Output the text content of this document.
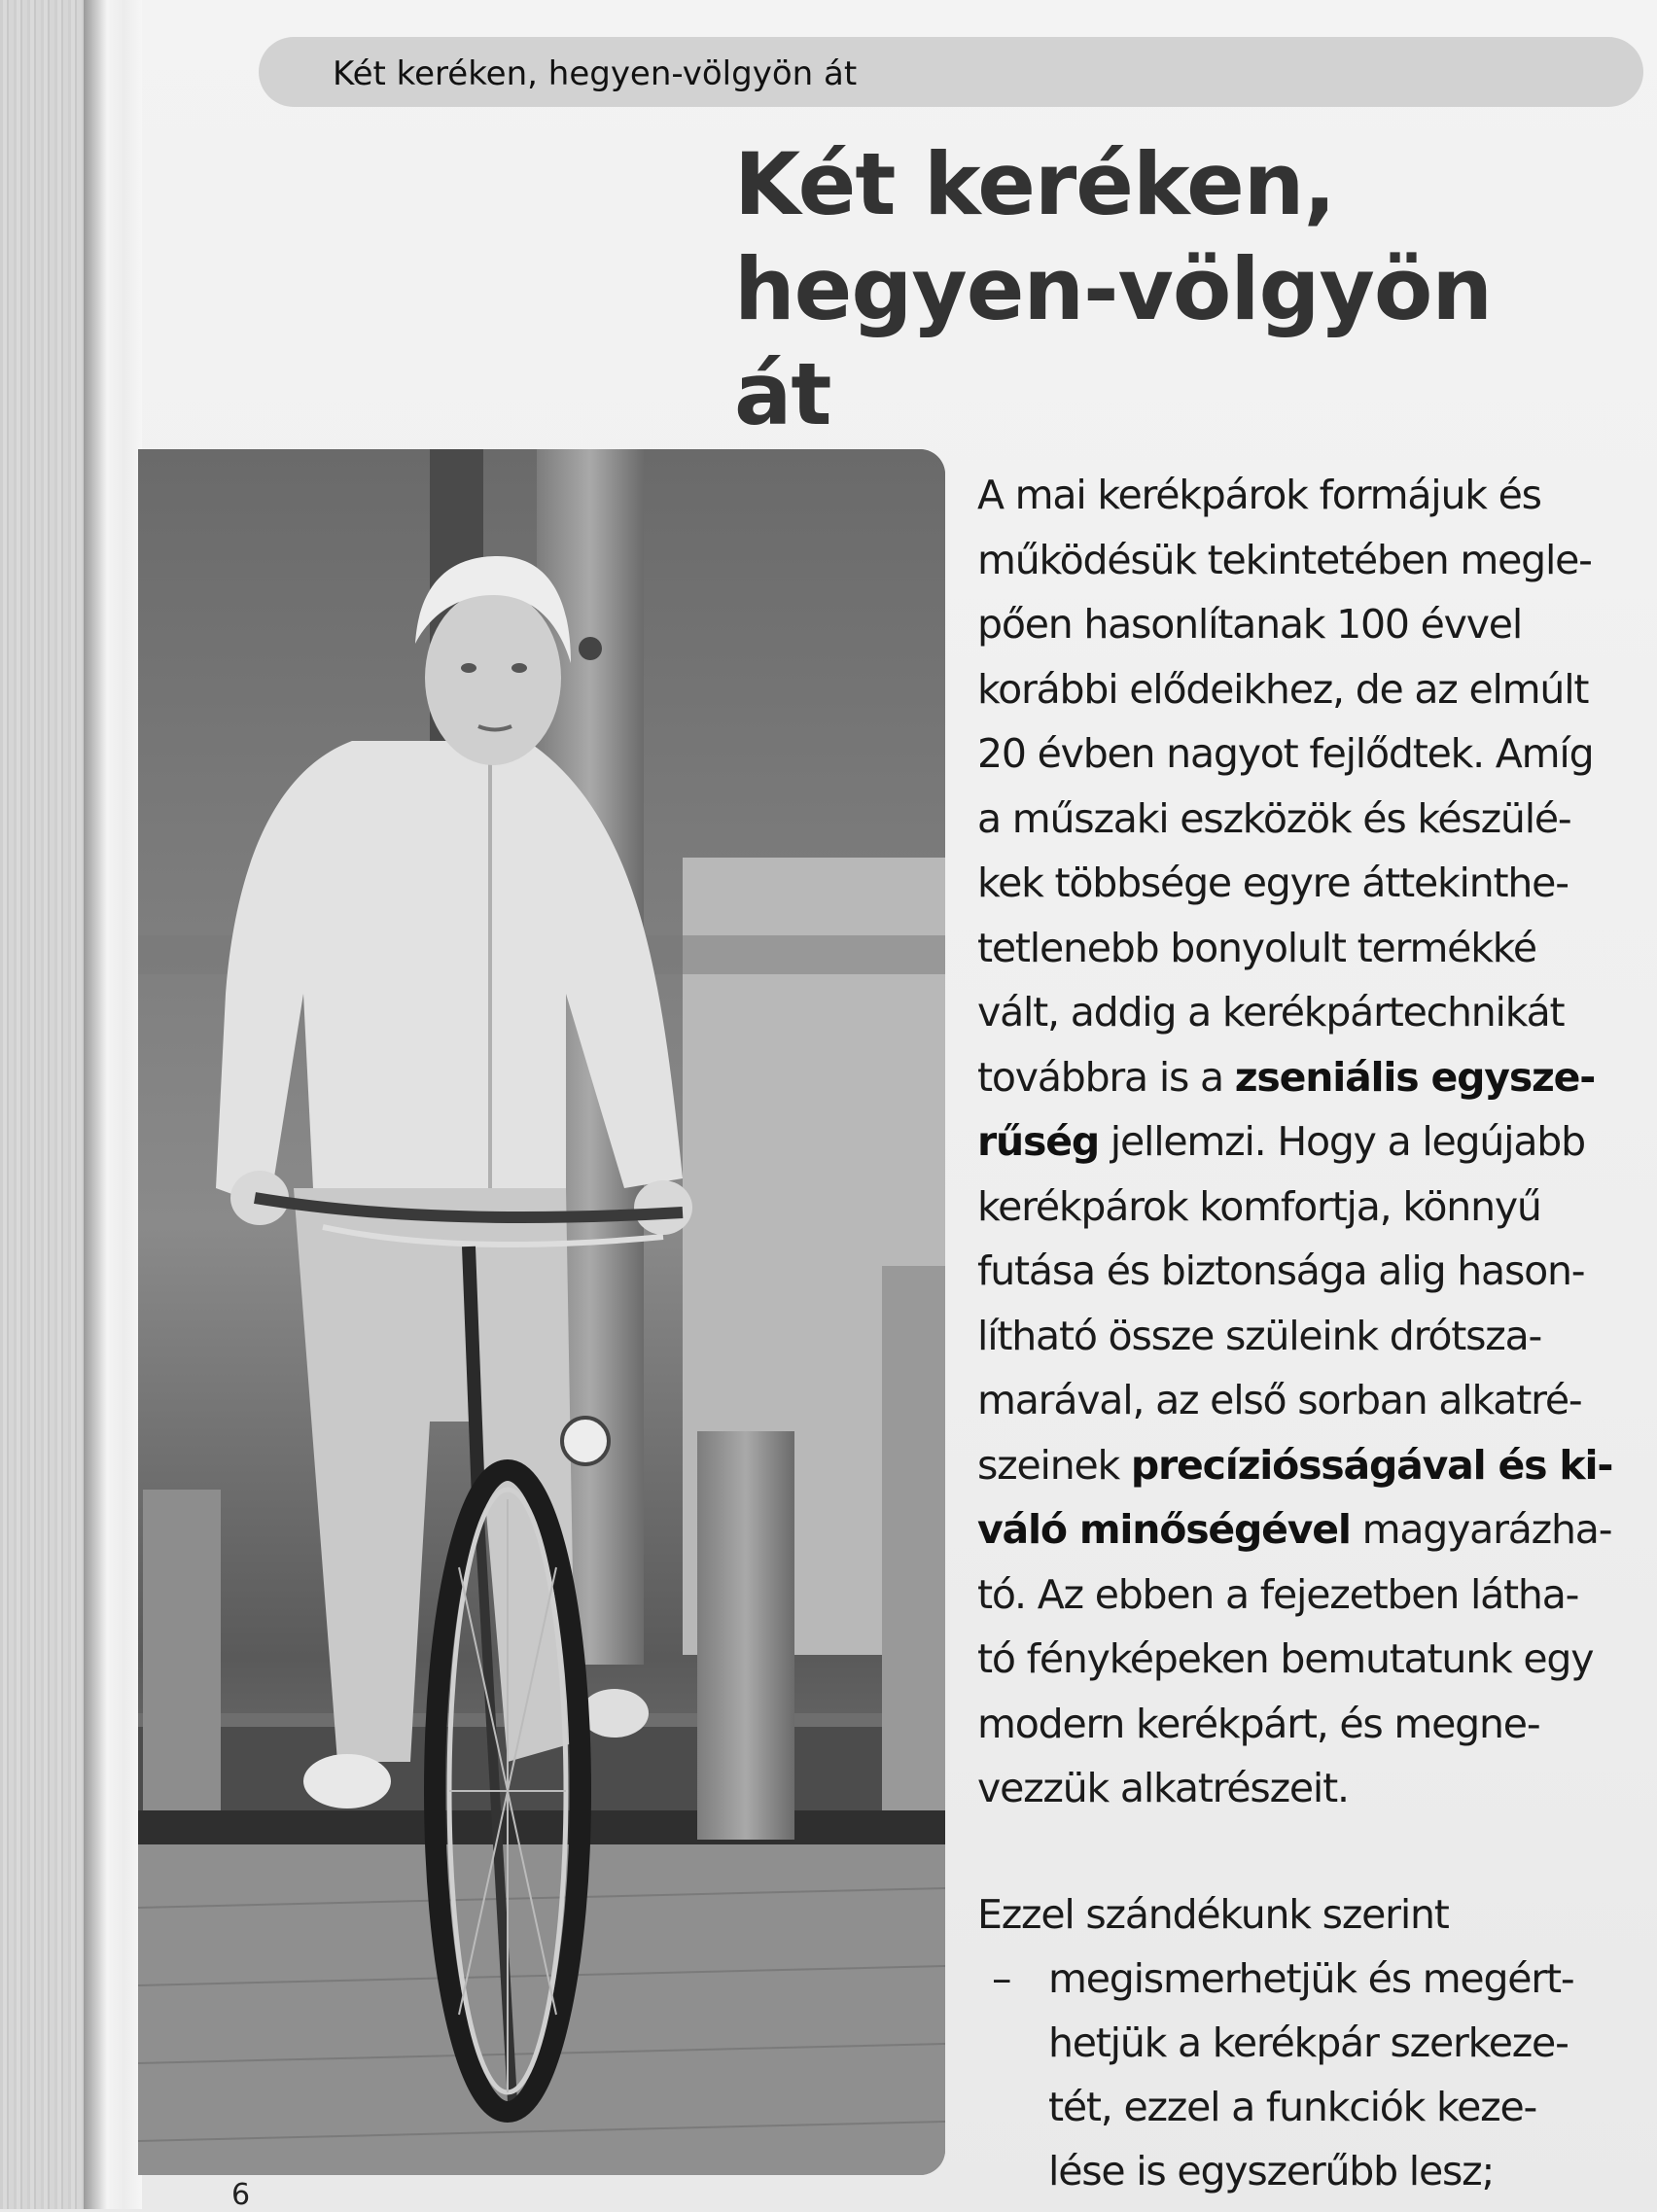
Két keréken, hegyen-völgyön át
Két keréken,
hegyen-völgyön át
A mai kerékpárok formájuk és
működésük tekintetében megle-
pően hasonlítanak 100 évvel
korábbi elődeikhez, de az elmúlt
20 évben nagyot fejlődtek. Amíg
a műszaki eszközök és készülé-
kek többsége egyre áttekinthe-
tetlenebb bonyolult termékké
vált, addig a kerékpártechnikát
továbbra is a zseniális egysze-
rűség jellemzi. Hogy a legújabb
kerékpárok komfortja, könnyű
futása és biztonsága alig hason-
lítható össze szüleink drótsza-
marával, az első sorban alkatré-
szeinek precíziósságával és ki-
váló minőségével magyarázha-
tó. Az ebben a fejezetben látha-
tó fényképeken bemutatunk egy
modern kerékpárt, és megne-
vezzük alkatrészeit.
Ezzel szándékunk szerint
– megismerhetjük és megért-
hetjük a kerékpár szerkeze-
tét, ezzel a funkciók keze-
lése is egyszerűbb lesz;
6
